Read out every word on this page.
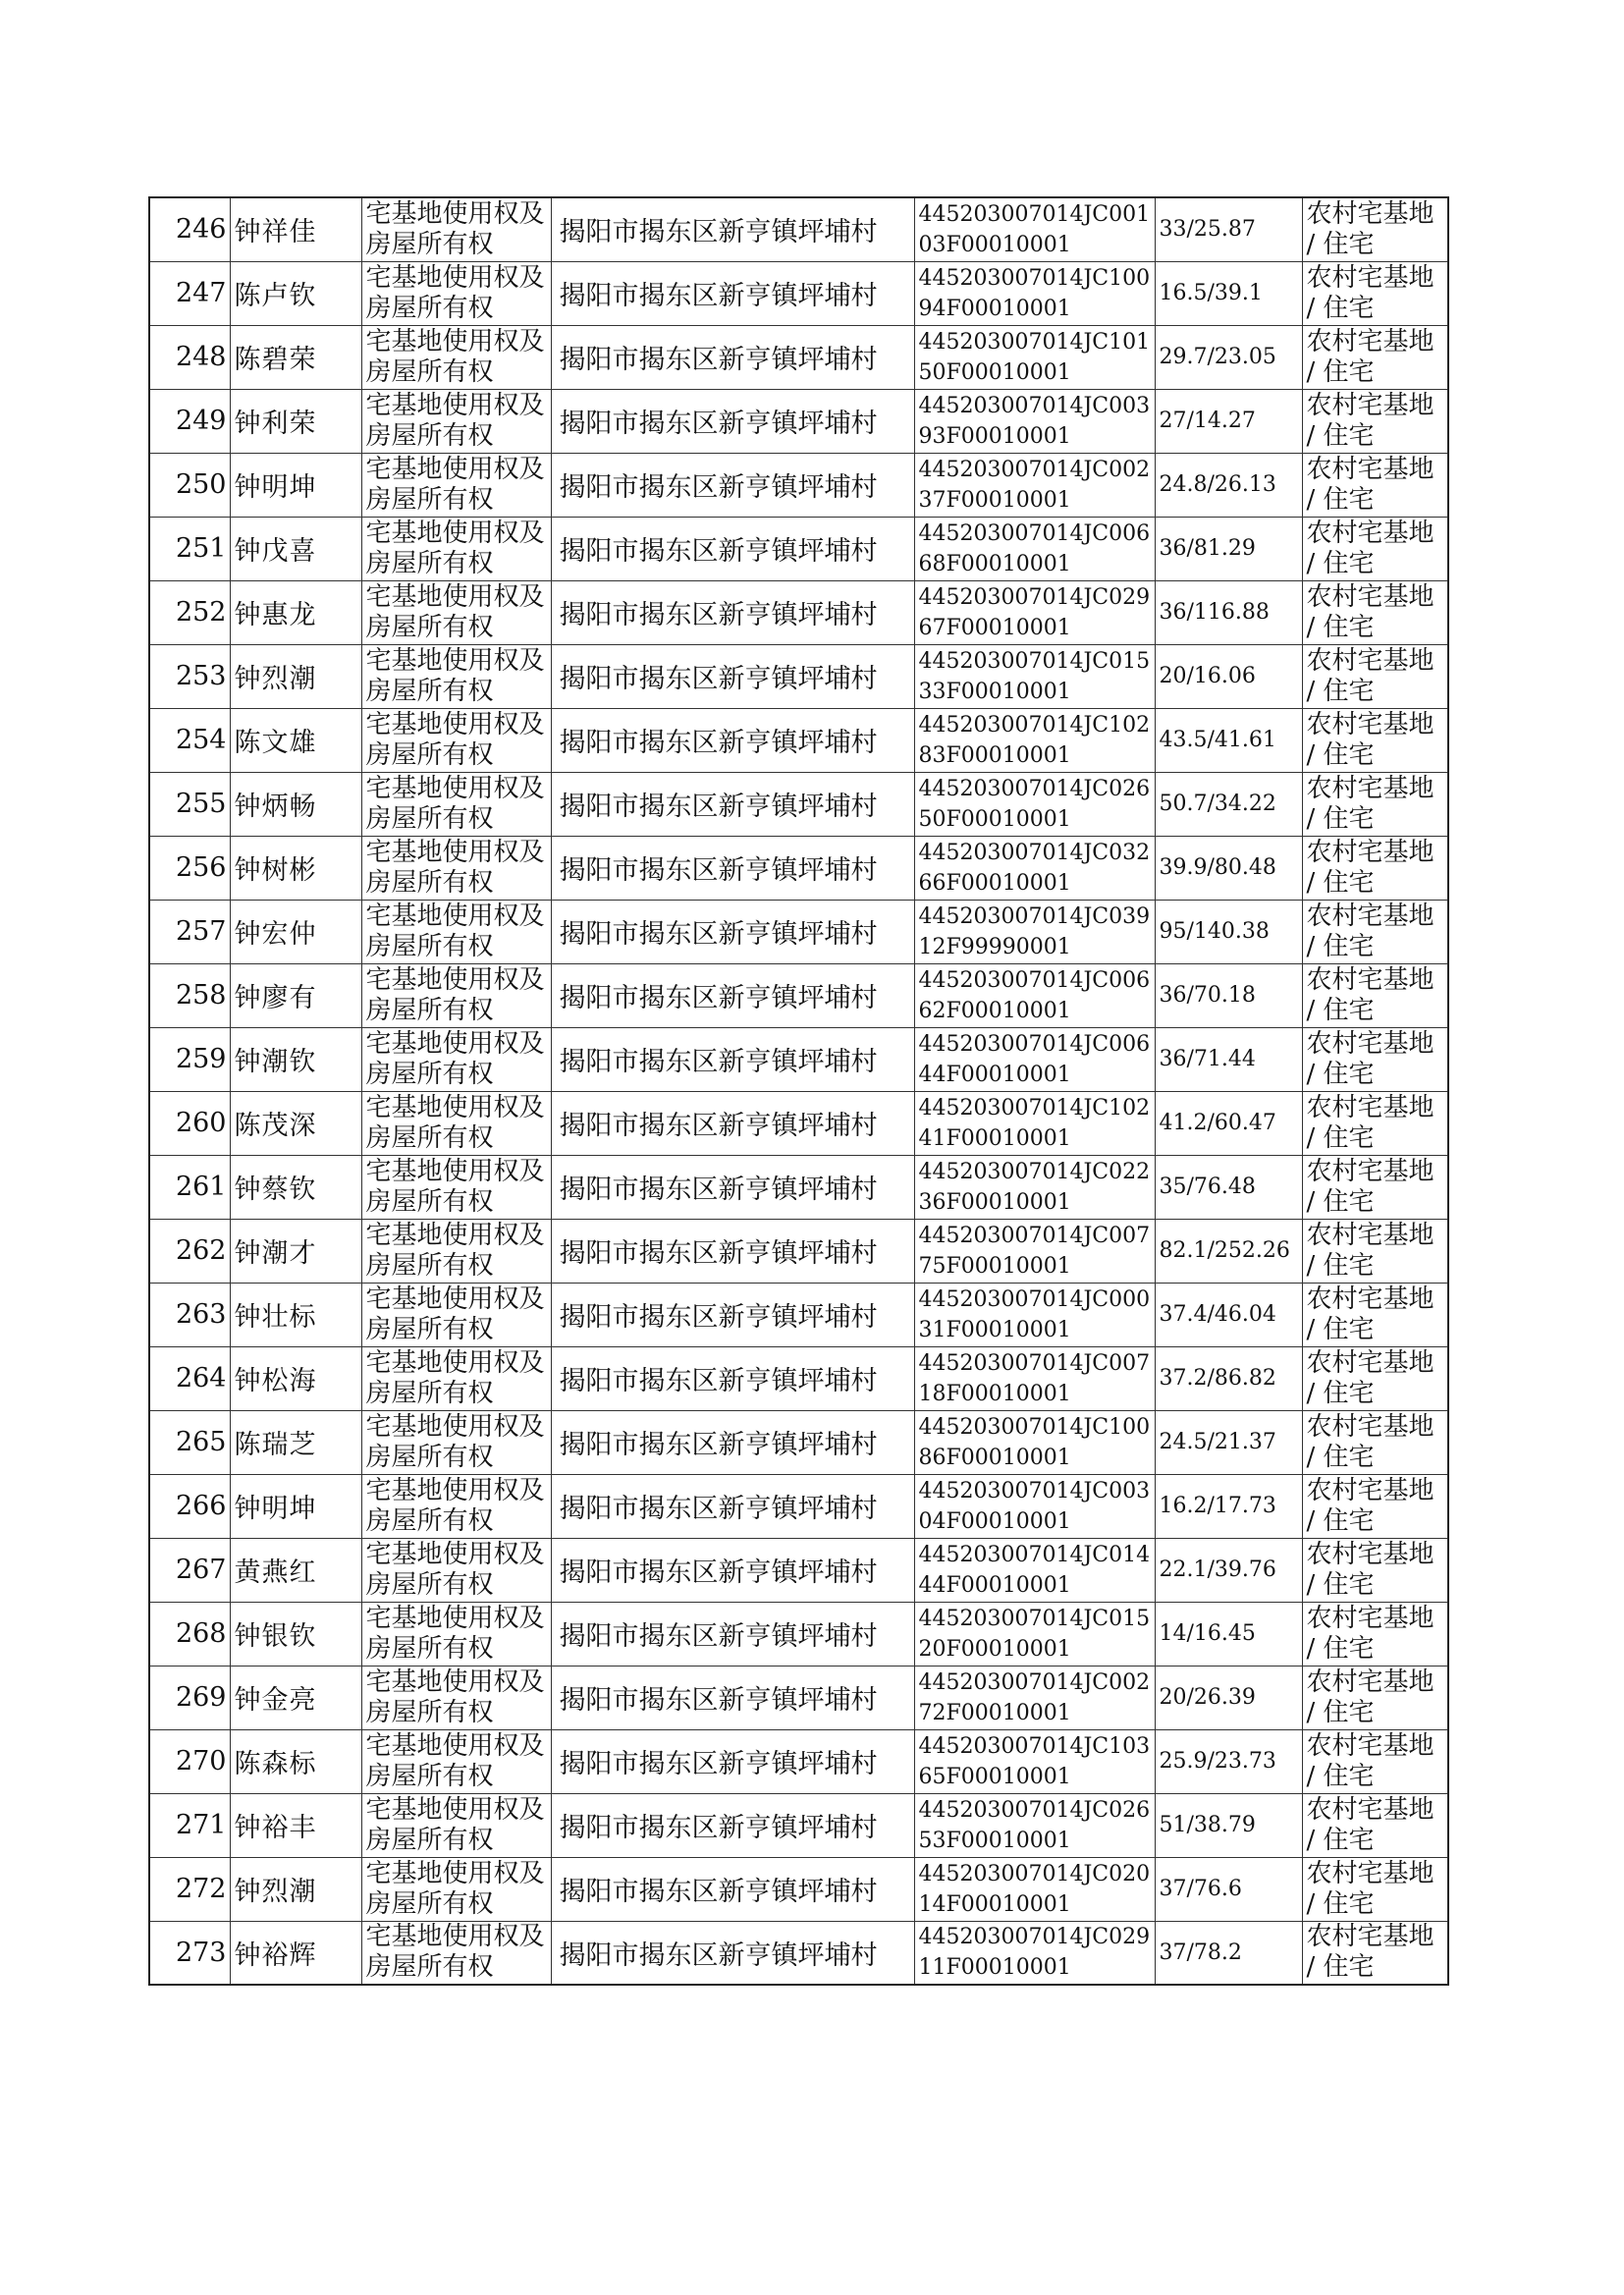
246	钟祥佳	宅基地使用权及房屋所有权	揭阳市揭东区新亨镇坪埔村	445203007014JC00103F00010001	33/25.87	农村宅基地 / 住宅

247	陈卢钦	宅基地使用权及房屋所有权	揭阳市揭东区新亨镇坪埔村	445203007014JC10094F00010001	16.5/39.1	农村宅基地 / 住宅

248	陈碧荣	宅基地使用权及房屋所有权	揭阳市揭东区新亨镇坪埔村	445203007014JC10150F00010001	29.7/23.05	农村宅基地 / 住宅

249	钟利荣	宅基地使用权及房屋所有权	揭阳市揭东区新亨镇坪埔村	445203007014JC00393F00010001	27/14.27	农村宅基地 / 住宅

250	钟明坤	宅基地使用权及房屋所有权	揭阳市揭东区新亨镇坪埔村	445203007014JC00237F00010001	24.8/26.13	农村宅基地 / 住宅

251	钟戊喜	宅基地使用权及房屋所有权	揭阳市揭东区新亨镇坪埔村	445203007014JC00668F00010001	36/81.29	农村宅基地 / 住宅

252	钟惠龙	宅基地使用权及房屋所有权	揭阳市揭东区新亨镇坪埔村	445203007014JC02967F00010001	36/116.88	农村宅基地 / 住宅

253	钟烈潮	宅基地使用权及房屋所有权	揭阳市揭东区新亨镇坪埔村	445203007014JC01533F00010001	20/16.06	农村宅基地 / 住宅

254	陈文雄	宅基地使用权及房屋所有权	揭阳市揭东区新亨镇坪埔村	445203007014JC10283F00010001	43.5/41.61	农村宅基地 / 住宅

255	钟炳畅	宅基地使用权及房屋所有权	揭阳市揭东区新亨镇坪埔村	445203007014JC02650F00010001	50.7/34.22	农村宅基地 / 住宅

256	钟树彬	宅基地使用权及房屋所有权	揭阳市揭东区新亨镇坪埔村	445203007014JC03266F00010001	39.9/80.48	农村宅基地 / 住宅

257	钟宏仲	宅基地使用权及房屋所有权	揭阳市揭东区新亨镇坪埔村	445203007014JC03912F99990001	95/140.38	农村宅基地 / 住宅

258	钟廖有	宅基地使用权及房屋所有权	揭阳市揭东区新亨镇坪埔村	445203007014JC00662F00010001	36/70.18	农村宅基地 / 住宅

259	钟潮钦	宅基地使用权及房屋所有权	揭阳市揭东区新亨镇坪埔村	445203007014JC00644F00010001	36/71.44	农村宅基地 / 住宅

260	陈茂深	宅基地使用权及房屋所有权	揭阳市揭东区新亨镇坪埔村	445203007014JC10241F00010001	41.2/60.47	农村宅基地 / 住宅

261	钟蔡钦	宅基地使用权及房屋所有权	揭阳市揭东区新亨镇坪埔村	445203007014JC02236F00010001	35/76.48	农村宅基地 / 住宅

262	钟潮才	宅基地使用权及房屋所有权	揭阳市揭东区新亨镇坪埔村	445203007014JC00775F00010001	82.1/252.26	农村宅基地 / 住宅

263	钟壮标	宅基地使用权及房屋所有权	揭阳市揭东区新亨镇坪埔村	445203007014JC00031F00010001	37.4/46.04	农村宅基地 / 住宅

264	钟松海	宅基地使用权及房屋所有权	揭阳市揭东区新亨镇坪埔村	445203007014JC00718F00010001	37.2/86.82	农村宅基地 / 住宅

265	陈瑞芝	宅基地使用权及房屋所有权	揭阳市揭东区新亨镇坪埔村	445203007014JC10086F00010001	24.5/21.37	农村宅基地 / 住宅

266	钟明坤	宅基地使用权及房屋所有权	揭阳市揭东区新亨镇坪埔村	445203007014JC00304F00010001	16.2/17.73	农村宅基地 / 住宅

267	黄燕红	宅基地使用权及房屋所有权	揭阳市揭东区新亨镇坪埔村	445203007014JC01444F00010001	22.1/39.76	农村宅基地 / 住宅

268	钟银钦	宅基地使用权及房屋所有权	揭阳市揭东区新亨镇坪埔村	445203007014JC01520F00010001	14/16.45	农村宅基地 / 住宅

269	钟金亮	宅基地使用权及房屋所有权	揭阳市揭东区新亨镇坪埔村	445203007014JC00272F00010001	20/26.39	农村宅基地 / 住宅

270	陈森标	宅基地使用权及房屋所有权	揭阳市揭东区新亨镇坪埔村	445203007014JC10365F00010001	25.9/23.73	农村宅基地 / 住宅

271	钟裕丰	宅基地使用权及房屋所有权	揭阳市揭东区新亨镇坪埔村	445203007014JC02653F00010001	51/38.79	农村宅基地 / 住宅

272	钟烈潮	宅基地使用权及房屋所有权	揭阳市揭东区新亨镇坪埔村	445203007014JC02014F00010001	37/76.6	农村宅基地 / 住宅

273	钟裕辉	宅基地使用权及房屋所有权	揭阳市揭东区新亨镇坪埔村	445203007014JC02911F00010001	37/78.2	农村宅基地 / 住宅
